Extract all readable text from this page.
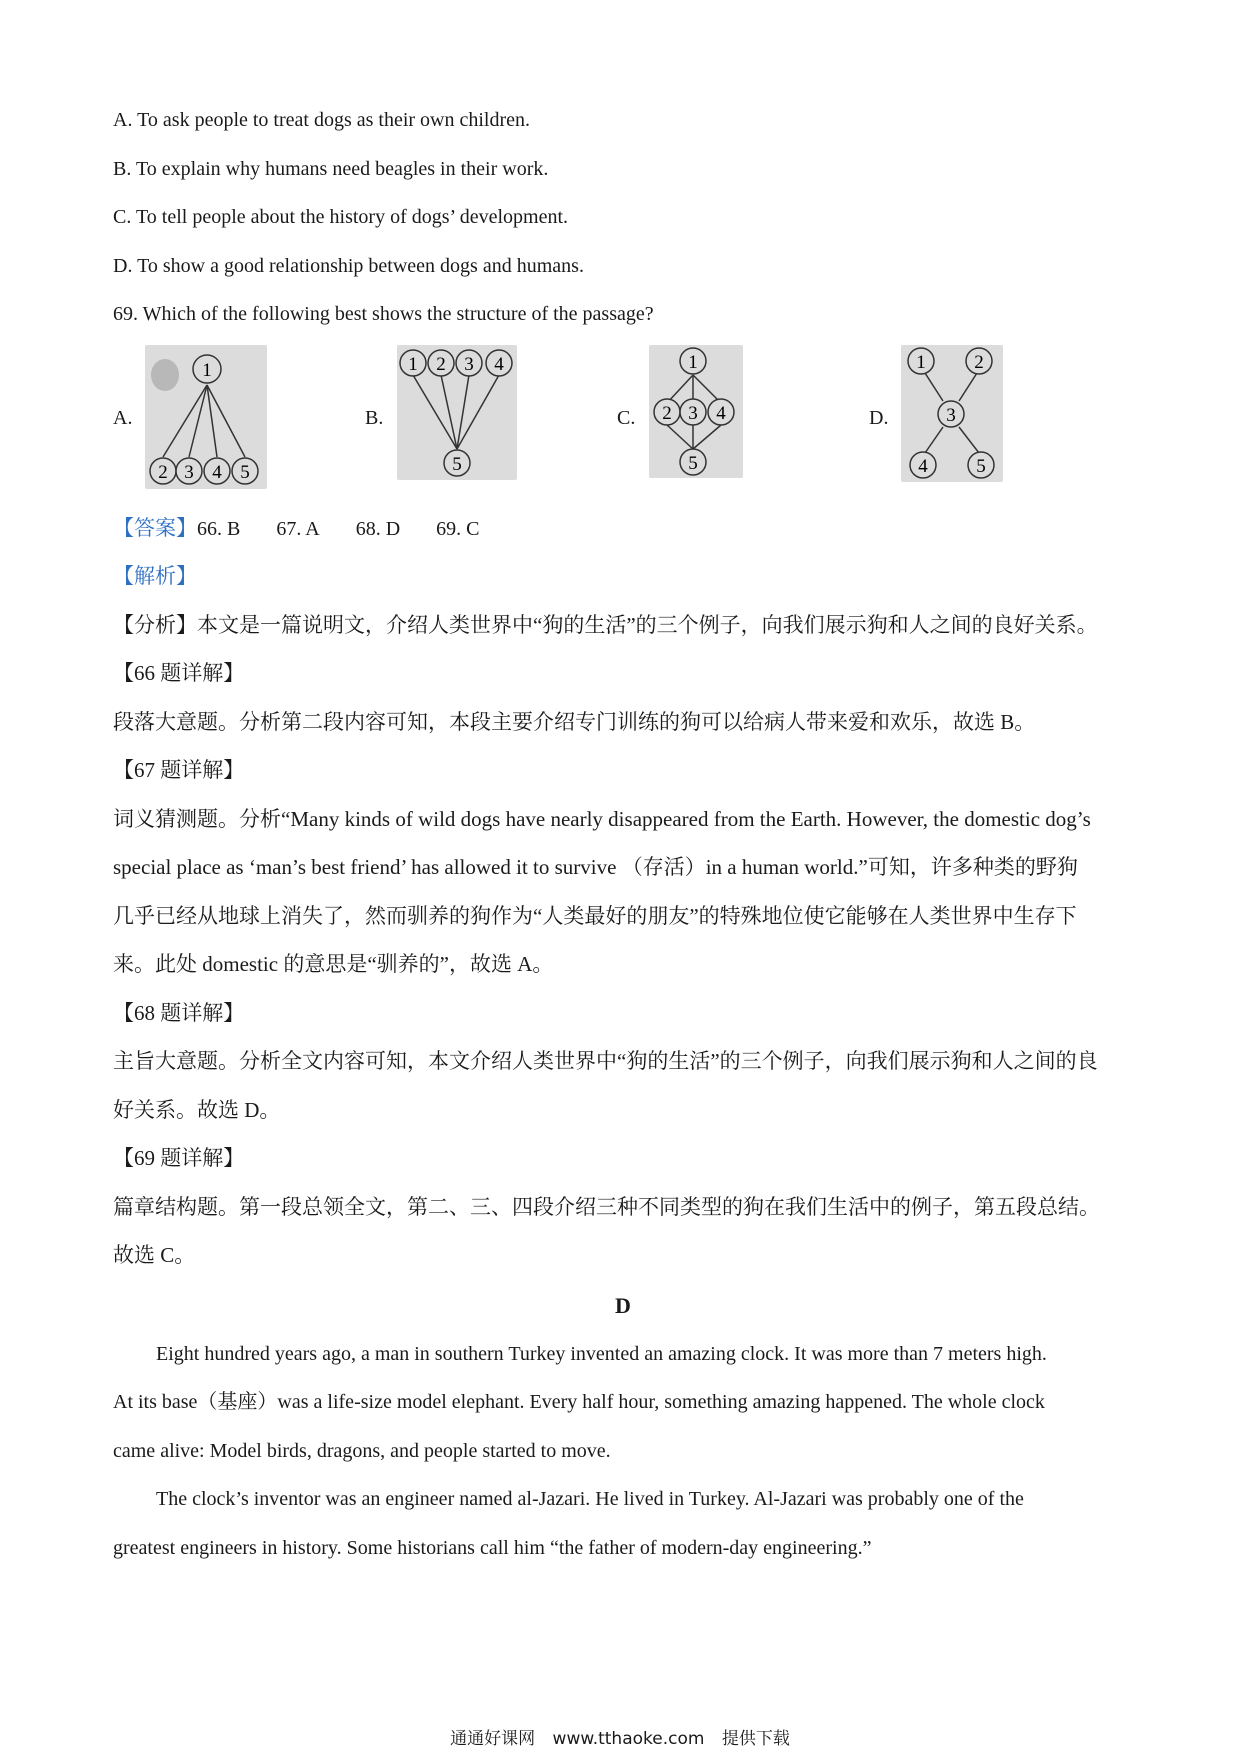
A. To ask people to treat dogs as their own children.
B. To explain why humans need beagles in their work.
C. To tell people about the history of dogs’ development.
D. To show a good relationship between dogs and humans.
69. Which of the following best shows the structure of the passage?
A.
1
2 3 4 5
B.
1 2 3 4
5
C.
1
2 3 4
5
D.
1	2
3
4	5
【答案】66. B 67. A 68. D 69. C
【解析】
【分析】本文是一篇说明文，介绍人类世界中“狗的生活”的三个例子，向我们展示狗和人之间的良好关系。
【66 题详解】
段落大意题。分析第二段内容可知，本段主要介绍专门训练的狗可以给病人带来爱和欢乐，故选 B。
【67 题详解】
词义猜测题。分析“Many kinds of wild dogs have nearly disappeared from the Earth. However, the domestic dog’s
special place as ‘man’s best friend’ has allowed it to survive （存活）in a human world.”可知，许多种类的野狗
几乎已经从地球上消失了，然而驯养的狗作为“人类最好的朋友”的特殊地位使它能够在人类世界中生存下
来。此处 domestic 的意思是“驯养的”，故选 A。
【68 题详解】
主旨大意题。分析全文内容可知，本文介绍人类世界中“狗的生活”的三个例子，向我们展示狗和人之间的良
好关系。故选 D。
【69 题详解】
篇章结构题。第一段总领全文，第二、三、四段介绍三种不同类型的狗在我们生活中的例子，第五段总结。
故选 C。
D
Eight hundred years ago, a man in southern Turkey invented an amazing clock. It was more than 7 meters high.
At its base（基座）was a life-size model elephant. Every half hour, something amazing happened. The whole clock
came alive: Model birds, dragons, and people started to move.
The clock’s inventor was an engineer named al-Jazari. He lived in Turkey. Al-Jazari was probably one of the
greatest engineers in history. Some historians call him “the father of modern-day engineering.”
通通好课网 www.tthaoke.com 提供下载
